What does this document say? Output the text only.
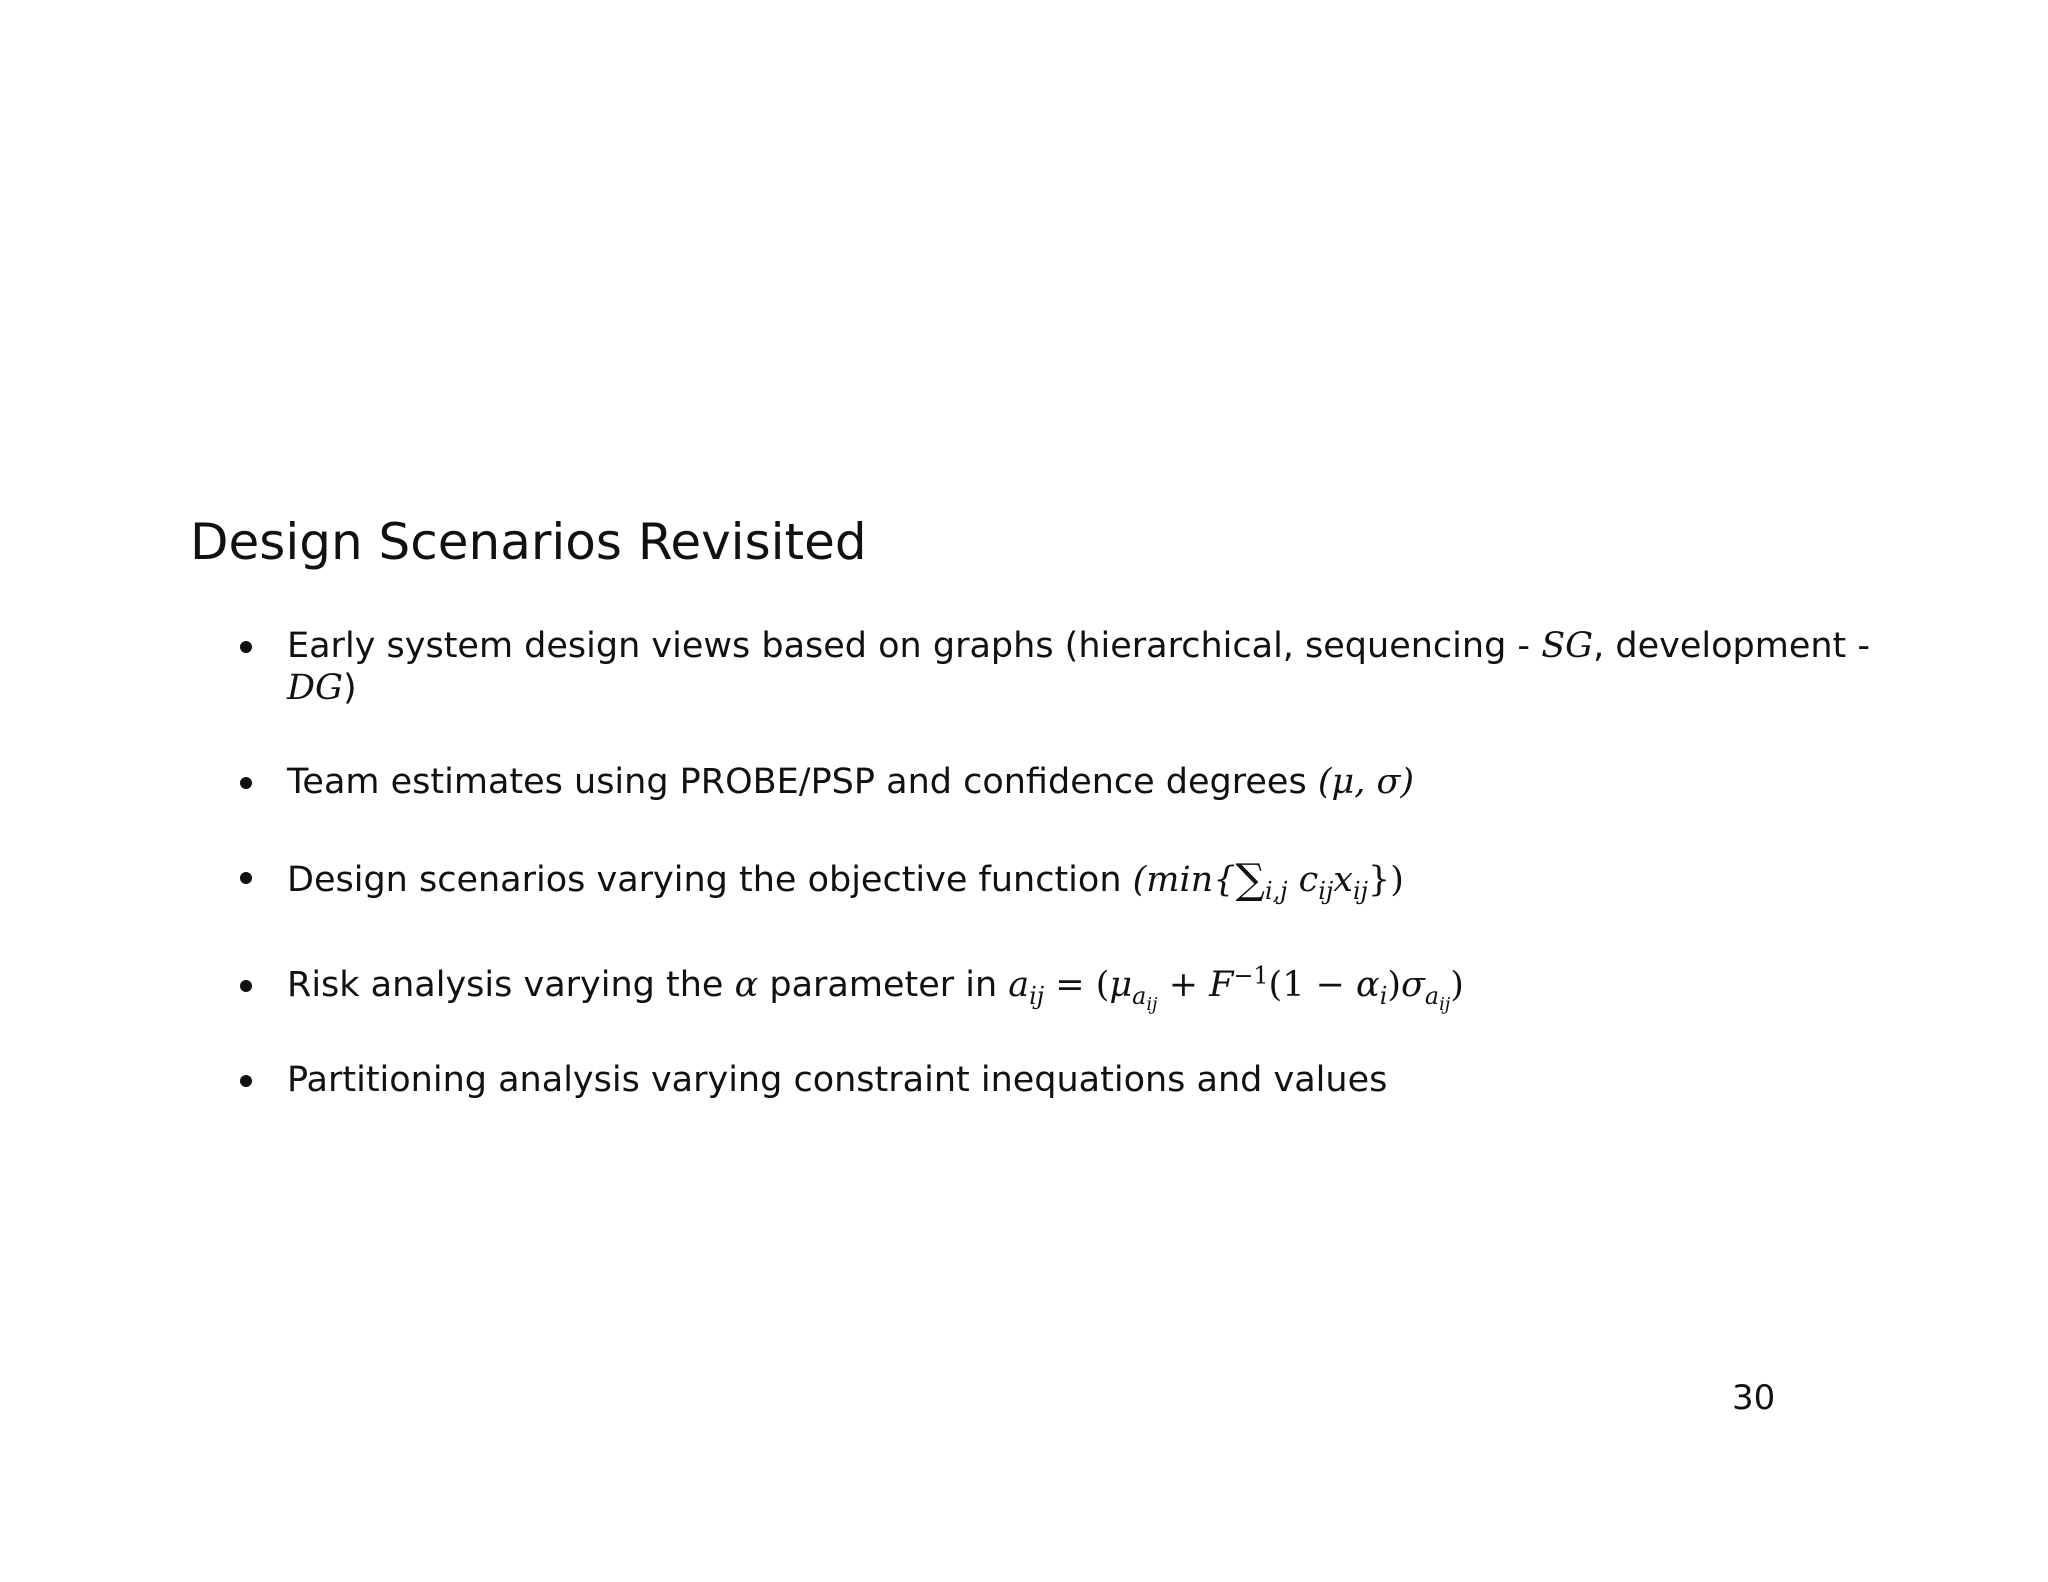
Design Scenarios Revisited
Early system design views based on graphs (hierarchical, sequencing - SG, development - DG)
Team estimates using PROBE/PSP and confidence degrees (μ, σ)
Design scenarios varying the objective function ($\min\{\sum_{i,j}$ $c_{ij}x_{ij}$})
Risk analysis varying the α parameter in $a_{ij} = (\mu_{a_{ij}} + F^{-1}(1 - \alpha_i)\sigma_{a_{ij}})$
Partitioning analysis varying constraint inequations and values
30
